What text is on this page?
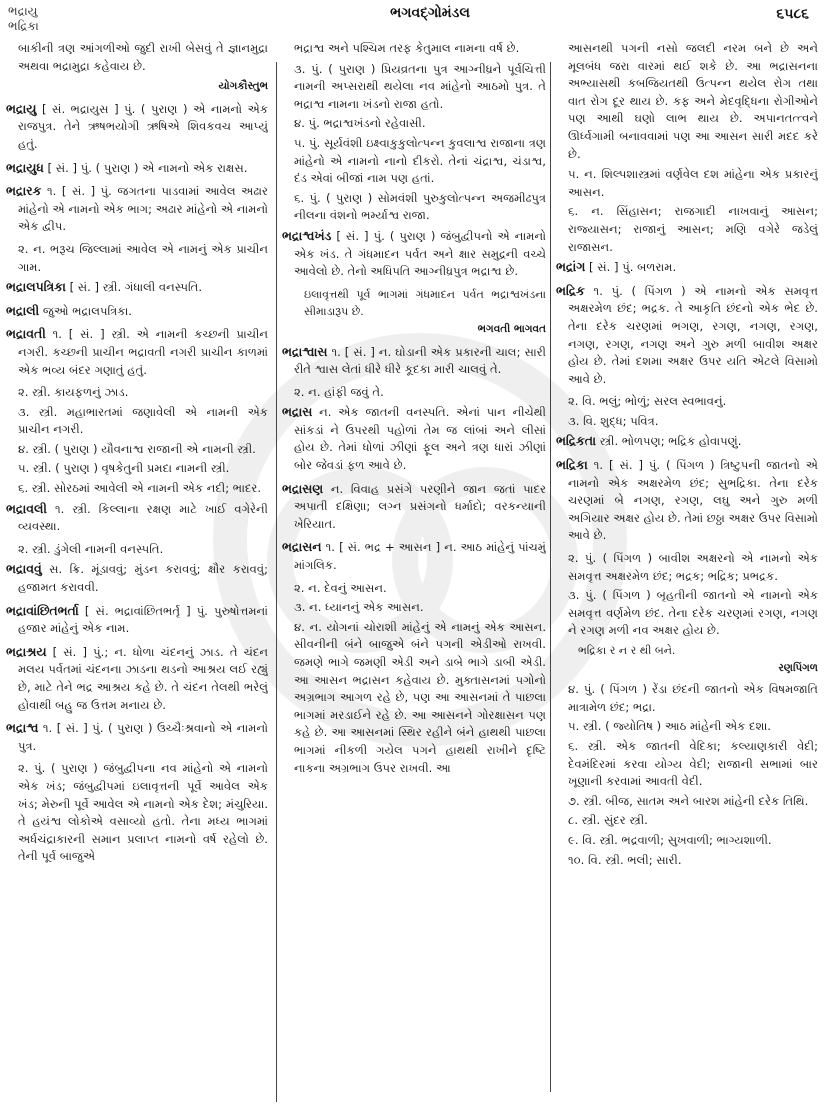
ભદ્રાયુ
ભદ્રિકા
ભગવદ્ગોમંડલ	૬૫૮૬

બાકીની ત્રણ આંગળીઓ જુદી રાખી બેસવું તે જ્ઞાનમુદ્રા અથવા ભદ્રામુદ્રા કહેવાય છે.

યોગકૌસ્તુભ

ભદ્રાયુ [ સં. ભદ્રાયુસ ] પું. ( પુરાણ ) એ નામનો એક રાજપુત્ર. તેને ઋષભયોગી ઋષિએ શિવકવચ આપ્યું હતું.

ભદ્રાયુધ [ સં. ] પું. ( પુરાણ ) એ નામનો એક રાક્ષસ.

ભદ્રારક ૧. [ સં. ] પું. જગતના પાડવામાં આવેલ અઢાર માંહેનો એ નામનો એક ભાગ; અઢાર માંહેનો એ નામનો એક દ્વીપ.

૨. ન. ભરૂચ જિલ્લામાં આવેલ એ નામનું એક પ્રાચીન ગામ.

ભદ્રાલપત્રિકા [ સં. ] સ્ત્રી. ગંધાલી વનસ્પતિ.

ભદ્રાલી જુઓ ભદ્રાલપત્રિકા.

ભદ્રાવતી ૧. [ સં. ] સ્ત્રી. એ નામની કચ્છની પ્રાચીન નગરી. કચ્છની પ્રાચીન ભદ્રાવતી નગરી પ્રાચીન કાળમાં એક ભવ્ય બંદર ગણાતું હતું.

૨. સ્ત્રી. કાયફળનું ઝાડ.

૩. સ્ત્રી. મહાભારતમાં જણાવેલી એ નામની એક પ્રાચીન નગરી.

૪. સ્ત્રી. ( પુરાણ ) યૌવનાશ્વ રાજાની એ નામની સ્ત્રી.

૫. સ્ત્રી. ( પુરાણ ) વૃષકેતુની પ્રમદા નામની સ્ત્રી.

૬. સ્ત્રી. સોરઠમાં આવેલી એ નામની એક નદી; ભાદર.

ભદ્રાવલી ૧. સ્ત્રી. કિલ્લાના રક્ષણ માટે ખાઈ વગેરેની વ્યવસ્થા.

૨. સ્ત્રી. ડુંગેલી નામની વનસ્પતિ.

ભદ્રાવવું સ. ક્રિ. મૂંડાવવું; મુંડન કરાવવું; ક્ષૌર કરાવવું; હજામત કરાવવી.

ભદ્રાવાંછિતભર્તા [ સં. ભદ્રાવાંછિતભર્તૃ ] પું. પુરુષોત્તમનાં હજાર માંહેનું એક નામ.

ભદ્રાશ્રય [ સં. ] પું.; ન. ધોળા ચંદનનું ઝાડ. તે ચંદન મલય પર્વતમાં ચંદનના ઝાડના થડનો આશ્રય લઈ રહ્યું છે, માટે તેને ભદ્ર આશ્રય કહે છે. તે ચંદન તેલથી ભરેલું હોવાથી બહુ જ ઉત્તમ મનાય છે.

ભદ્રાશ્વ ૧. [ સં. ] પું. ( પુરાણ ) ઉચ્ચૈઃશ્રવાનો એ નામનો પુત્ર.

૨. પું. ( પુરાણ ) જંબુદ્વીપના નવ માંહેનો એ નામનો એક ખંડ; જંબુદ્વીપમાં ઇલાવૃત્તની પૂર્વે આવેલ એક ખંડ; મેરુની પૂર્વે આવેલ એ નામનો એક દેશ; મંચુરિયા. તે હયંશ્વ લોકોએ વસાવ્યો હતો. તેના મધ્ય ભાગમાં અર્ધચંદ્રાકારની સમાન પ્રલાપ્ત નામનો વર્ષ રહેલો છે. તેની પૂર્વ બાજુએ

ભદ્રાશ્વ અને પશ્ચિમ તરફ કેતુમાલ નામના વર્ષ છે.

૩. પું. ( પુરાણ ) પ્રિયવ્રતના પુત્ર આગ્નીધ્રને પૂર્વચિત્તી નામની અપ્સરાથી થયેલા નવ માંહેનો આઠમો પુત્ર. તે ભદ્રાશ્વ નામના ખંડનો રાજા હતો.

૪. પું. ભદ્રાશ્વખંડનો રહેવાસી.

૫. પું. સૂર્યવંશી ઇક્ષ્વાકુકુલોત્પન્ન કુવલાશ્વ રાજાના ત્રણ માંહેનો એ નામનો નાનો દીકરો. તેનાં ચંદ્રાશ્વ, ચંડાશ્વ, દંડ એવાં બીજાં નામ પણ હતાં.

૬. પું. ( પુરાણ ) સોમવંશી પુરુકુલોત્પન્ન અજમીઢપુત્ર નીલના વંશનો ભર્મ્યાશ્વ રાજા.

ભદ્રાશ્વખંડ [ સં. ] પું. ( પુરાણ ) જંબુદ્વીપનો એ નામનો એક ખંડ. તે ગંધમાદન પર્વત અને ક્ષાર સમુદ્રની વચ્ચે આવેલો છે. તેનો અધિપતિ આગ્નીધ્રપુત્ર ભદ્રાશ્વ છે.

ઇલાવૃત્તથી પૂર્વ ભાગમાં ગંધમાદન પર્વત ભદ્રાશ્વખંડના સીમાડારૂપ છે.

ભગવતી ભાગવત

ભદ્રાશ્વાસ ૧. [ સં. ] ન. ઘોડાની એક પ્રકારની ચાલ; સારી રીતે શ્વાસ લેતાં ધીરે ધીરે કૂદકા મારી ચાલવું તે.

૨. ન. હાંફી જવું તે.

ભદ્રાસ ન. એક જાતની વનસ્પતિ. એનાં પાન નીચેથી સાંકડાં ને ઉપરથી પહોળાં તેમ જ લાંબાં અને લીસાં હોય છે. તેમાં ધોળાં ઝીણાં ફૂલ અને ત્રણ ધારાં ઝીણાં બોર જેવડાં ફળ આવે છે.

ભદ્રાસણ ન. વિવાહ પ્રસંગે પરણીને જાન જતાં પાદર અપાતી દક્ષિણા; લગ્ન પ્રસંગનો ધર્માદો; વરકન્યાની ખેરિયાત.

ભદ્રાસન ૧. [ સં. ભદ્ર + આસન ] ન. આઠ માંહેનું પાંચમું માંગલિક.

૨. ન. દેવનું આસન.

૩. ન. ધ્યાનનું એક આસન.

૪. ન. યોગનાં ચોરાશી માંહેનું એ નામનું એક આસન. સીવનીની બંને બાજુએ બંને પગની એડીઓ રાખવી. જમણે ભાગે જમણી એડી અને ડાબે ભાગે ડાબી એડી. આ આસન ભદ્રાસન કહેવાય છે. મુક્તાસનમાં પગોનો અગ્રભાગ આગળ રહે છે, પણ આ આસનમાં તે પાછલા ભાગમાં મરડાઈને રહે છે. આ આસનને ગોરક્ષાસન પણ કહે છે. આ આસનમાં સ્થિર રહીને બંને હાથથી પાછલા ભાગમાં નીકળી ગયેલ પગને હાથથી રાખીને દૃષ્ટિ નાકના અગ્રભાગ ઉપર રાખવી. આ

આસનથી પગની નસો જલદી નરમ બને છે અને મૂલબંધ જરા વારમાં થઈ શકે છે. આ ભદ્રાસનના અભ્યાસથી કબજિયતથી ઉત્પન્ન થયેલ રોગ તથા વાત રોગ દૂર થાય છે. કફ અને મેદવૃદ્ધિના રોગીઓને પણ આથી ઘણો લાભ થાય છે. અપાનતત્ત્વને ઊર્ધ્વગામી બનાવવામાં પણ આ આસન સારી મદદ કરે છે.

૫. ન. શિલ્પશાસ્ત્રમાં વર્ણવેલ દશ માંહેના એક પ્રકારનું આસન.

૬. ન. સિંહાસન; રાજગાદી નાખવાનું આસન; રાજ્યાસન; રાજાનું આસન; મણિ વગેરે જડેલું રાજાસન.

ભદ્રાંગ [ સં. ] પું. બળરામ.

ભદ્રિક ૧. પું. ( પિંગળ ) એ નામનો એક સમવૃત્ત અક્ષરમેળ છંદ; ભદ્રક. તે આકૃતિ છંદનો એક ભેદ છે. તેના દરેક ચરણમાં ભગણ, રગણ, નગણ, રગણ, નગણ, રગણ, નગણ અને ગુરુ મળી બાવીશ અક્ષર હોય છે. તેમાં દશમા અક્ષર ઉપર યતિ એટલે વિસામો આવે છે.

૨. વિ. ભલું; ભોળું; સરલ સ્વભાવનું.

૩. વિ. શુદ્ધ; પવિત્ર.

ભદ્રિકતા સ્ત્રી. ભોળપણ; ભદ્રિક હોવાપણું.

ભદ્રિકા ૧. [ સં. ] પું. ( પિંગળ ) ત્રિષ્ટુપની જાતનો એ નામનો એક અક્ષરમેળ છંદ; સુભદ્રિકા. તેના દરેક ચરણમાં બે નગણ, રગણ, લઘુ અને ગુરુ મળી અગિયાર અક્ષર હોય છે. તેમાં છઠ્ઠા અક્ષર ઉપર વિસામો આવે છે.

૨. પું. ( પિંગળ ) બાવીશ અક્ષરનો એ નામનો એક સમવૃત્ત અક્ષરમેળ છંદ; ભદ્રક; ભદ્રિક; પ્રભદ્રક.

૩. પું. ( પિંગળ ) બૃહતીની જાતનો એ નામનો એક સમવૃત્ત વર્ણમેળ છંદ. તેના દરેક ચરણમાં રગણ, નગણ ને રગણ મળી નવ અક્ષર હોય છે.

ભદ્રિકા ર ન ર થી બને.

રણપિંગળ

૪. પું. ( પિંગળ ) રેંડા છંદની જાતનો એક વિષમજાતિ માત્રામેળ છંદ; ભદ્રા.

૫. સ્ત્રી. ( જ્યોતિષ ) આઠ માંહેની એક દશા.

૬. સ્ત્રી. એક જાતની વેદિકા; કલ્યાણકારી વેદી; દેવમંદિરમાં કરવા યોગ્ય વેદી; રાજાની સભામાં બાર ખૂણાની કરવામાં આવતી વેદી.

૭. સ્ત્રી. બીજ, સાતમ અને બારશ માંહેની દરેક તિથિ.

૮. સ્ત્રી. સુંદર સ્ત્રી.

૯. વિ. સ્ત્રી. ભદ્રવાળી; સુખવાળી; ભાગ્યશાળી.

૧૦. વિ. સ્ત્રી. ભલી; સારી.
